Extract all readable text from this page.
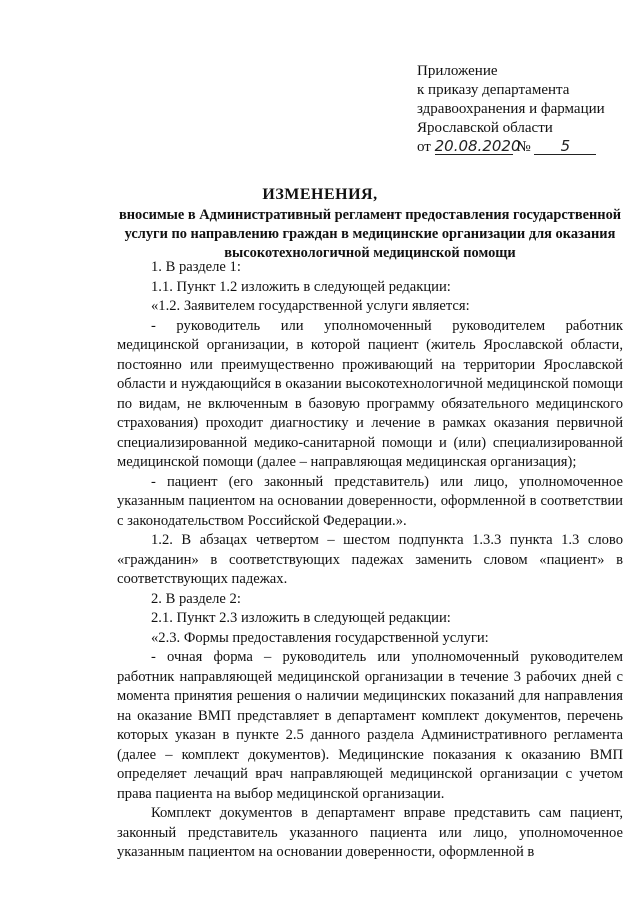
Приложение
к приказу департамента
здравоохранения и фармации
Ярославской области
от 20.08.2020 № 5
ИЗМЕНЕНИЯ,
вносимые в Административный регламент предоставления государственной услуги по направлению граждан в медицинские организации для оказания высокотехнологичной медицинской помощи

1. В разделе 1:

1.1. Пункт 1.2 изложить в следующей редакции:

«1.2. Заявителем государственной услуги является:

- руководитель или уполномоченный руководителем работник медицинской организации, в которой пациент (житель Ярославской области, постоянно или преимущественно проживающий на территории Ярославской области и нуждающийся в оказании высокотехнологичной медицинской помощи по видам, не включенным в базовую программу обязательного медицинского страхования) проходит диагностику и лечение в рамках оказания первичной специализированной медико-санитарной помощи и (или) специализированной медицинской помощи (далее – направляющая медицинская организация);

- пациент (его законный представитель) или лицо, уполномоченное указанным пациентом на основании доверенности, оформленной в соответствии с законодательством Российской Федерации.».

1.2. В абзацах четвертом – шестом подпункта 1.3.3 пункта 1.3 слово «гражданин» в соответствующих падежах заменить словом «пациент» в соответствующих падежах.

2. В разделе 2:

2.1. Пункт 2.3 изложить в следующей редакции:

«2.3. Формы предоставления государственной услуги:

- очная форма – руководитель или уполномоченный руководителем работник направляющей медицинской организации в течение 3 рабочих дней с момента принятия решения о наличии медицинских показаний для направления на оказание ВМП представляет в департамент комплект документов, перечень которых указан в пункте 2.5 данного раздела Административного регламента (далее – комплект документов). Медицинские показания к оказанию ВМП определяет лечащий врач направляющей медицинской организации с учетом права пациента на выбор медицинской организации.

Комплект документов в департамент вправе представить сам пациент, законный представитель указанного пациента или лицо, уполномоченное указанным пациентом на основании доверенности, оформленной в
